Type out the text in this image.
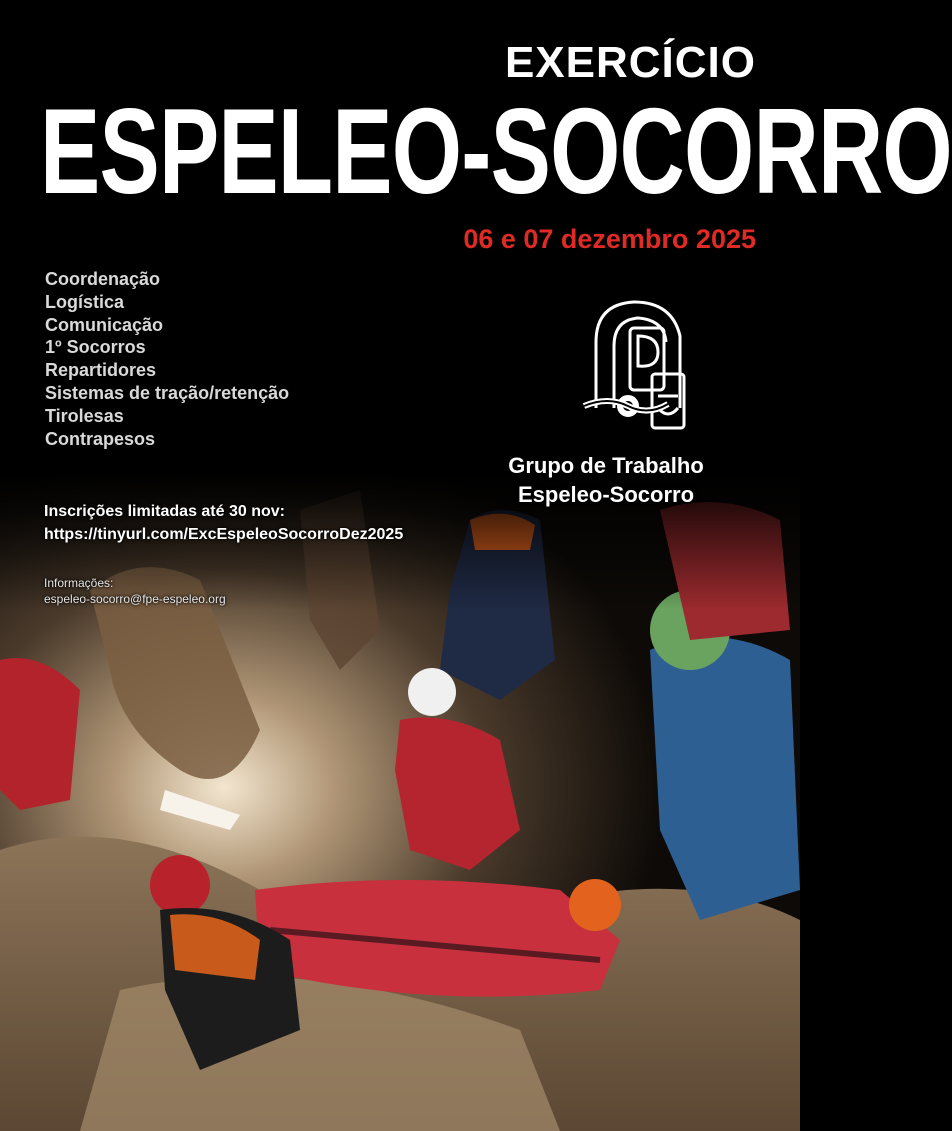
EXERCÍCIO
ESPELEO-SOCORRO
06 e 07 dezembro 2025
Coordenação
Logística
Comunicação
1º Socorros
Repartidores
Sistemas de tração/retenção
Tirolesas
Contrapesos
Grupo de Trabalho
Espeleo-Socorro
Inscrições limitadas até 30 nov:
https://tinyurl.com/ExcEspeleoSocorroDez2025
Informações:
espeleo-socorro@fpe-espeleo.org
